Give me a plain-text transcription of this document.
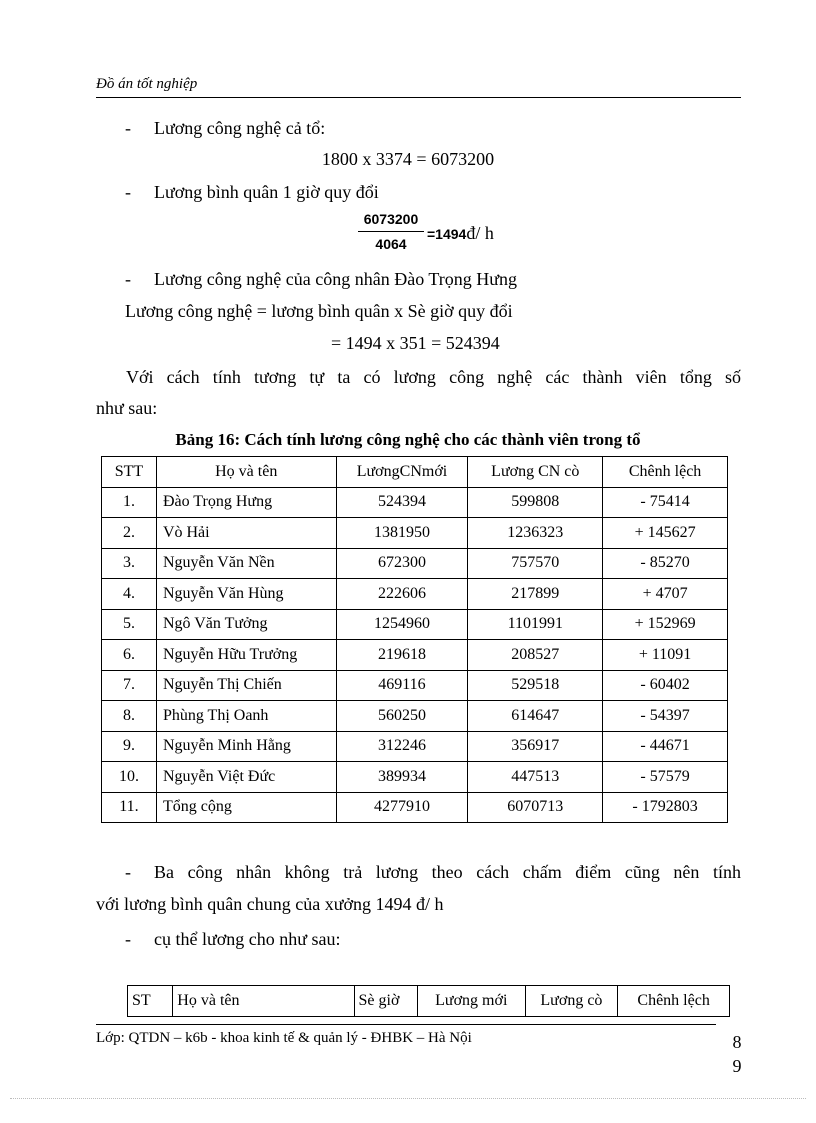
Đồ án tốt nghiệp
- Lương công nghệ cả tổ:
1800 x 3374 = 6073200
- Lương bình quân 1 giờ quy đổi
6073200
4064
=1494đ/ h
- Lương công nghệ của công nhân Đào Trọng Hưng
Lương công nghệ = lương bình quân x Sè giờ quy đổi
= 1494 x 351 = 524394
Với cách tính tương tự ta có lương công nghệ các thành viên tổng số
như sau:
Bảng 16: Cách tính lương công nghệ cho các thành viên trong tổ
STT	Họ và tên	LươngCNmới	Lương CN cò	Chênh lệch
1.	Đào Trọng Hưng	524394	599808	- 75414
2.	Vò Hải	1381950	1236323	+ 145627
3.	Nguyễn Văn Nền	672300	757570	- 85270
4.	Nguyễn Văn Hùng	222606	217899	+ 4707
5.	Ngô Văn Tưởng	1254960	1101991	+ 152969
6.	Nguyễn Hữu Trưởng	219618	208527	+ 11091
7.	Nguyễn Thị Chiến	469116	529518	- 60402
8.	Phùng Thị Oanh	560250	614647	- 54397
9.	Nguyễn Minh Hằng	312246	356917	- 44671
10.	Nguyễn Việt Đức	389934	447513	- 57579
11.	Tổng cộng	4277910	6070713	- 1792803
- Ba công nhân không trả lương theo cách chấm điểm cũng nên tính
với lương bình quân chung của xưởng 1494 đ/ h
- cụ thể lương cho như sau:
ST	Họ và tên	Sè giờ	Lương mới	Lương cò	Chênh lệch
Lớp: QTDN – k6b - khoa kinh tế & quản lý - ĐHBK – Hà Nội	8
9
